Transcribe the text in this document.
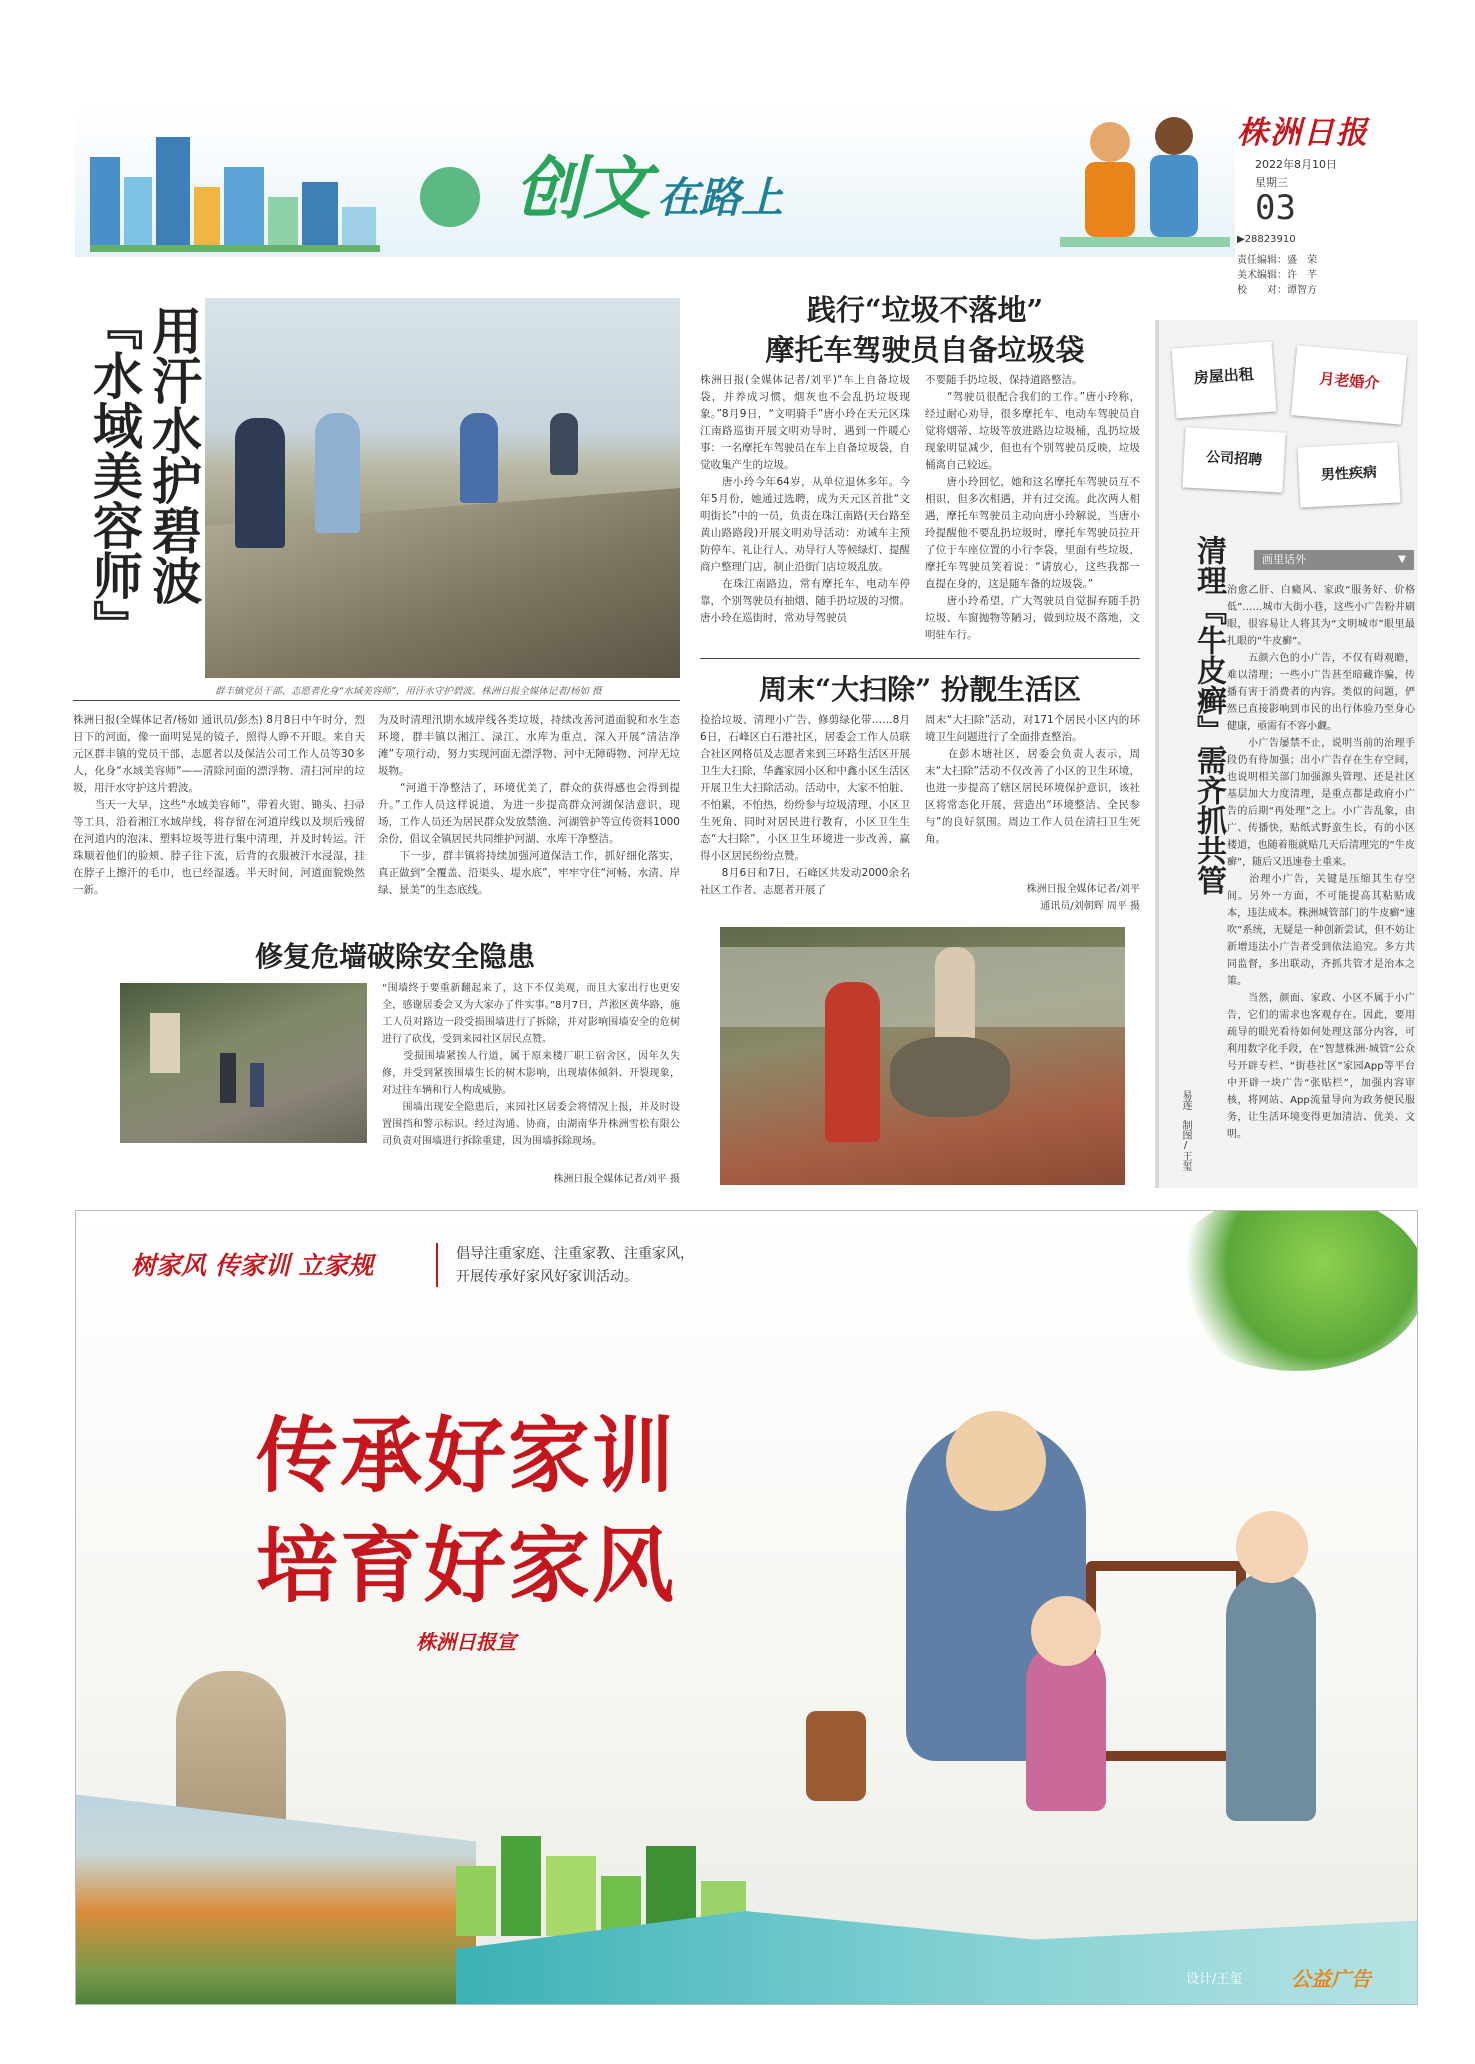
创文 在路上
株洲日报
2022年8月10日
星期三
03
▶28823910
责任编辑：盛　荣
美术编辑：许　芊
校　　对：谭智方
『水域美容师』 用汗水护碧波
群丰镇党员干部、志愿者化身“水域美容师”，用汗水守护碧波。株洲日报全媒体记者/杨如 摄
株洲日报(全媒体记者/杨如 通讯员/彭杰) 8月8日中午时分，烈日下的河面，像一面明晃晃的镜子，照得人睁不开眼。来自天元区群丰镇的党员干部、志愿者以及保洁公司工作人员等30多人，化身“水域美容师”——清除河面的漂浮物、清扫河岸的垃圾，用汗水守护这片碧波。
　　当天一大早，这些“水域美容师”，带着火钳、锄头、扫帚等工具，沿着湘江水域岸线，将存留在河道岸线以及坝后残留在河道内的泡沫、塑料垃圾等进行集中清理，并及时转运。汗珠顺着他们的脸颊、脖子往下流，后背的衣服被汗水浸湿，挂在脖子上擦汗的毛巾，也已经湿透。半天时间，河道面貌焕然一新。
为及时清理汛期水域岸线各类垃圾，持续改善河道面貌和水生态环境，群丰镇以湘江、渌江、水库为重点，深入开展“清洁净滩”专项行动，努力实现河面无漂浮物、河中无障碍物、河岸无垃圾物。
　　“河道干净整洁了，环境优美了，群众的获得感也会得到提升。”工作人员这样说道，为进一步提高群众河湖保洁意识，现场，工作人员还为居民群众发放禁渔、河湖管护等宣传资料1000余份，倡议全镇居民共同维护河湖、水库干净整洁。
　　下一步，群丰镇将持续加强河道保洁工作，抓好细化落实，真正做到“全覆盖、沿渠头、堤水底”，牢牢守住“河畅、水清、岸绿、景美”的生态底线。
践行“垃圾不落地”
摩托车驾驶员自备垃圾袋
株洲日报(全媒体记者/刘平)“车上自备垃圾袋，并养成习惯，烟灰也不会乱扔垃圾现象。”8月9日，“文明骑手”唐小玲在天元区珠江南路巡街开展文明劝导时，遇到一件暖心事：一名摩托车驾驶员在车上自备垃圾袋，自觉收集产生的垃圾。
　　唐小玲今年64岁，从单位退休多年。今年5月份，她通过选聘，成为天元区首批“文明街长”中的一员，负责在珠江南路(天台路至黄山路路段)开展文明劝导活动：劝诫车主预防停车、礼让行人、劝导行人等候绿灯、提醒商户整理门店，制止沿街门店垃圾乱放。
　　在珠江南路边，常有摩托车、电动车停靠，个别驾驶员有抽烟、随手扔垃圾的习惯。唐小玲在巡街时，常劝导驾驶员
不要随手扔垃圾，保持道路整洁。
　　“驾驶员很配合我们的工作。”唐小玲称，经过耐心劝导，很多摩托车、电动车驾驶员自觉将烟蒂、垃圾等放进路边垃圾桶，乱扔垃圾现象明显减少，但也有个别驾驶员反映，垃圾桶离自己较远。
　　唐小玲回忆，她和这名摩托车驾驶员互不相识，但多次相遇，并有过交流。此次两人相遇，摩托车驾驶员主动向唐小玲解说，当唐小玲提醒他不要乱扔垃圾时，摩托车驾驶员拉开了位于车座位置的小行李袋，里面有些垃圾，摩托车驾驶员笑着说：“请放心，这些我都一直提在身的，这是随车备的垃圾袋。”
　　唐小玲希望，广大驾驶员自觉摒弃随手扔垃圾、车窗抛物等陋习，做到垃圾不落地，文明驻车行。
周末“大扫除” 扮靓生活区
捡拾垃圾、清理小广告、修剪绿化带……8月6日，石峰区白石港社区，居委会工作人员联合社区网格员及志愿者来到三环路生活区开展卫生大扫除，华鑫家园小区和中鑫小区生活区开展卫生大扫除活动。活动中，大家不怕脏、不怕累，不怕热，纷纷参与垃圾清理、小区卫生死角、同时对居民进行教育，小区卫生生态“大扫除”，小区卫生环境进一步改善，赢得小区居民纷纷点赞。
　　8月6日和7日，石峰区共发动2000余名社区工作者、志愿者开展了
周末“大扫除”活动，对171个居民小区内的环境卫生问题进行了全面排查整治。
　　在彭木塘社区，居委会负责人表示，周末“大扫除”活动不仅改善了小区的卫生环境，也进一步提高了辖区居民环境保护意识，该社区将常态化开展，营造出“环境整洁、全民参与”的良好氛围。周边工作人员在清扫卫生死角。
株洲日报全媒体记者/刘平
通讯员/刘朝辉 周平 摄
修复危墙破除安全隐患
“围墙终于要重新翻起来了，这下不仅美观，而且大家出行也更安全，感谢居委会又为大家办了件实事。”8月7日，芦淞区黄华路，施工人员对路边一段受损围墙进行了拆除，并对影响围墙安全的危树进行了砍伐，受到来园社区居民点赞。
　　受损围墙紧挨人行道，属于原来楼厂职工宿舍区，因年久失修，并受到紧挨围墙生长的树木影响，出现墙体倾斜、开裂现象，对过往车辆和行人构成威胁。
　　围墙出现安全隐患后，来园社区居委会将情况上报，并及时设置围挡和警示标识。经过沟通、协商，由湖南华升株洲雪松有限公司负责对围墙进行拆除重建，因为围墙拆除现场。
株洲日报全媒体记者/刘平 摄
房屋出租	月老婚介
公司招聘
男性疾病
画里话外	▼
清理『牛皮癣』需齐抓共管
易莲
制图/王玺
治愈乙肝、白癜风、家政“服务好、价格低”……城市大街小巷，这些小广告粉井刷眼，很容易让人将其为“文明城市”眼里最扎眼的“牛皮癣”。
　　五颜六色的小广告，不仅有碍观瞻，难以清理；一些小广告甚至暗藏诈骗，传播有害于消费者的内容。类似的问题，俨然已直接影响到市民的出行体验乃至身心健康，亟需有不容小觑。
　　小广告屡禁不止，说明当前的治理手段仍有待加强；出小广告存在生存空间，也说明相关部门加强源头管理、还是社区基层加大力度清理，是重点都是政府小广告的后期“再处理”之上。小广告乱象，由广、传播快，贴纸式野蛮生长，有的小区楼道，也随着瓶就贴几天后清理完的“牛皮癣”，随后又迅速卷土重来。
　　治理小广告，关键是压缩其生存空间。另外一方面，不可能提高其粘贴成本，违法成本。株洲城管部门的牛皮癣“速吹”系统，无疑是一种创新尝试，但不妨让新增违法小广告者受到依法追究。多方共同监督，多出联动，齐抓共管才是治本之策。
　　当然，颜面、家政、小区不属于小广告，它们的需求也客观存在。因此，要用疏导的眼光看待如何处理这部分内容，可利用数字化手段，在“智慧株洲·城管”公众号开辟专栏、“街巷社区”家园App等平台中开辟一块广告“张贴栏”，加强内容审核，将网站、App流量导向为政务便民服务，让生活环境变得更加清洁、优美、文明。
树家风 传家训 立家规	倡导注重家庭、注重家教、注重家风，
开展传承好家风好家训活动。
传承好家训
培育好家风
株洲日报宣
设计/王玺	公益广告
